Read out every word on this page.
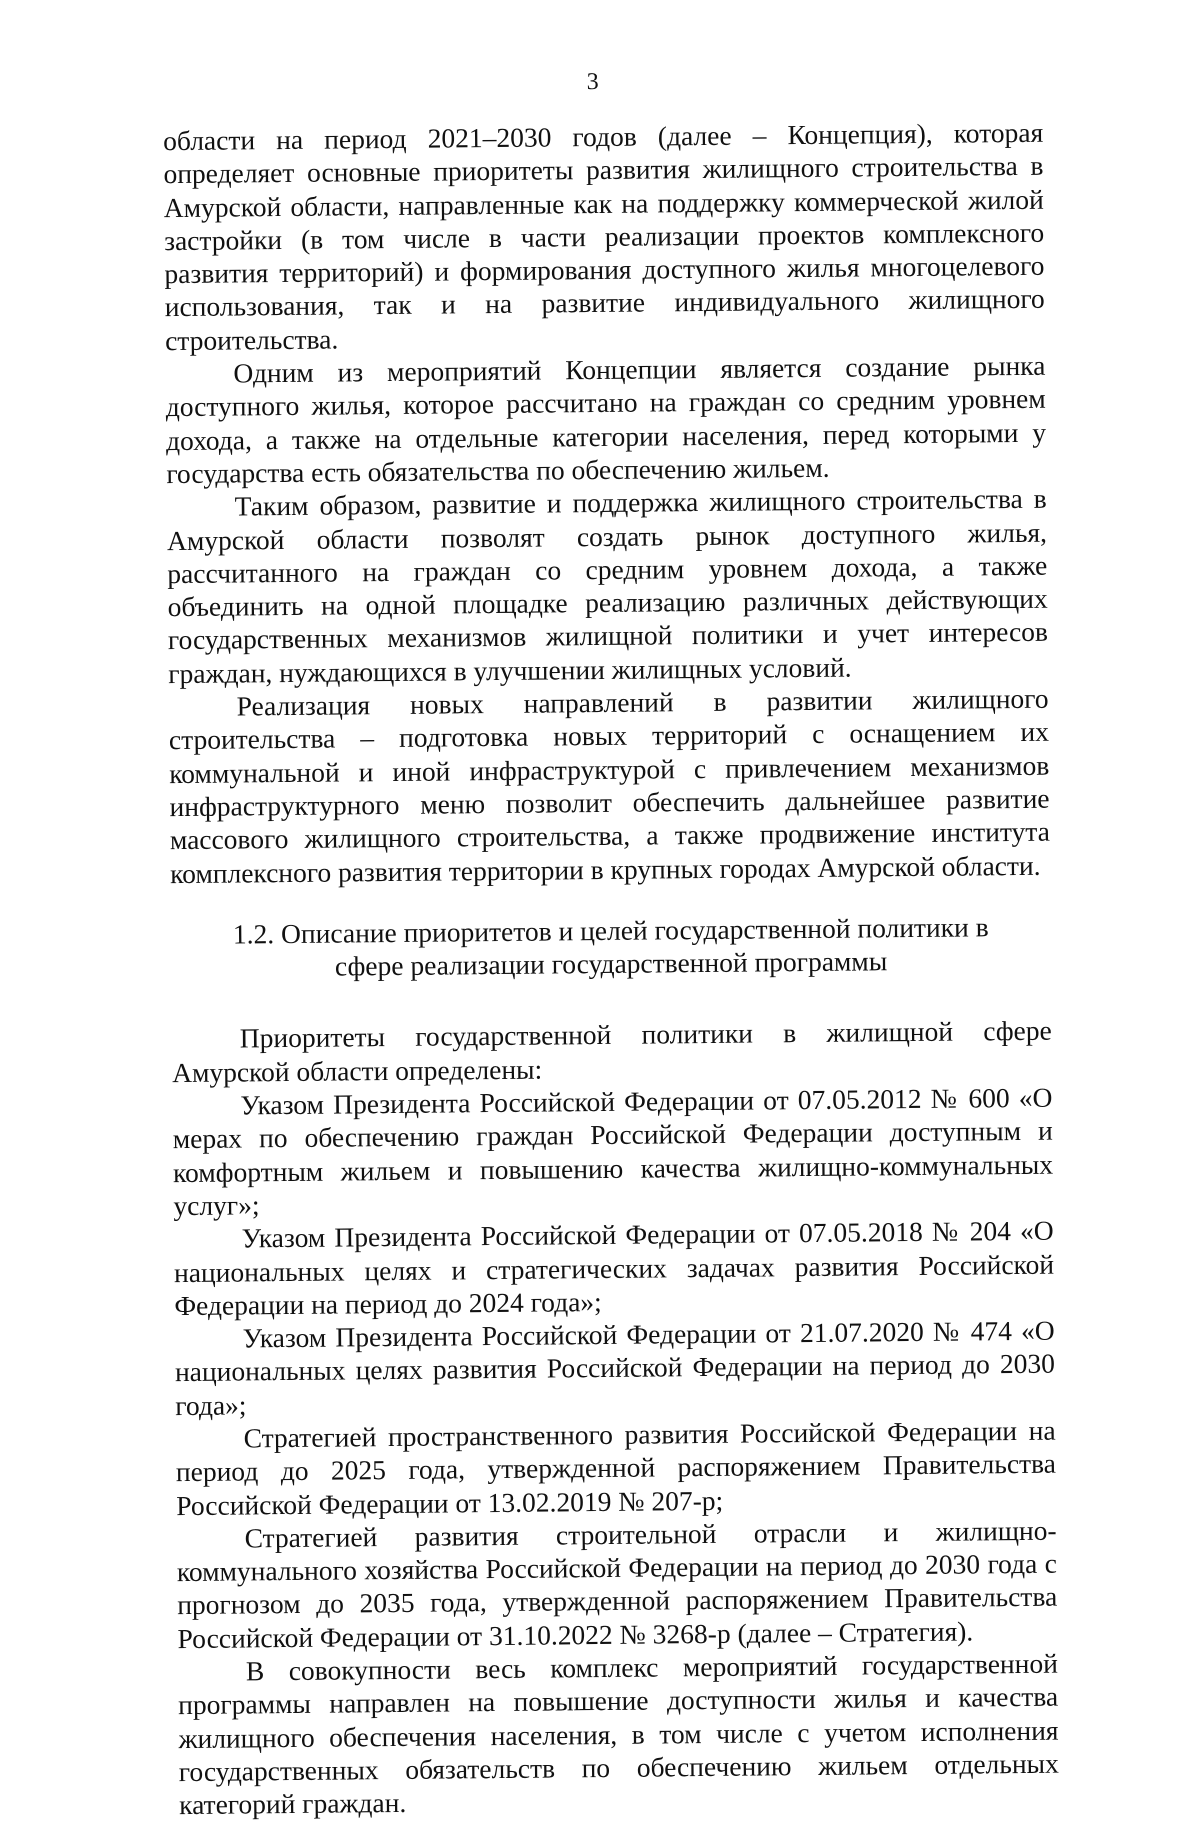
3

области на период 2021–2030 годов (далее – Концепция), которая определяет основные приоритеты развития жилищного строительства в Амурской области, направленные как на поддержку коммерческой жилой застройки (в том числе в части реализации проектов комплексного развития территорий) и формирования доступного жилья многоцелевого использования, так и на развитие индивидуального жилищного строительства.

Одним из мероприятий Концепции является создание рынка доступного жилья, которое рассчитано на граждан со средним уровнем дохода, а также на отдельные категории населения, перед которыми у государства есть обязательства по обеспечению жильем.

Таким образом, развитие и поддержка жилищного строительства в Амурской области позволят создать рынок доступного жилья, рассчитанного на граждан со средним уровнем дохода, а также объединить на одной площадке реализацию различных действующих государственных механизмов жилищной политики и учет интересов граждан, нуждающихся в улучшении жилищных условий.

Реализация новых направлений в развитии жилищного строительства – подготовка новых территорий с оснащением их коммунальной и иной инфраструктурой с привлечением механизмов инфраструктурного меню позволит обеспечить дальнейшее развитие массового жилищного строительства, а также продвижение института комплексного развития территории в крупных городах Амурской области.

1.2. Описание приоритетов и целей государственной политики в сфере реализации государственной программы

Приоритеты государственной политики в жилищной сфере Амурской области определены:

Указом Президента Российской Федерации от 07.05.2012 № 600 «О мерах по обеспечению граждан Российской Федерации доступным и комфортным жильем и повышению качества жилищно-коммунальных услуг»;

Указом Президента Российской Федерации от 07.05.2018 № 204 «О национальных целях и стратегических задачах развития Российской Федерации на период до 2024 года»;

Указом Президента Российской Федерации от 21.07.2020 № 474 «О национальных целях развития Российской Федерации на период до 2030 года»;

Стратегией пространственного развития Российской Федерации на период до 2025 года, утвержденной распоряжением Правительства Российской Федерации от 13.02.2019 № 207-р;

Стратегией развития строительной отрасли и жилищно-коммунального хозяйства Российской Федерации на период до 2030 года с прогнозом до 2035 года, утвержденной распоряжением Правительства Российской Федерации от 31.10.2022 № 3268-р (далее – Стратегия).

В совокупности весь комплекс мероприятий государственной программы направлен на повышение доступности жилья и качества жилищного обеспечения населения, в том числе с учетом исполнения государственных обязательств по обеспечению жильем отдельных категорий граждан.
